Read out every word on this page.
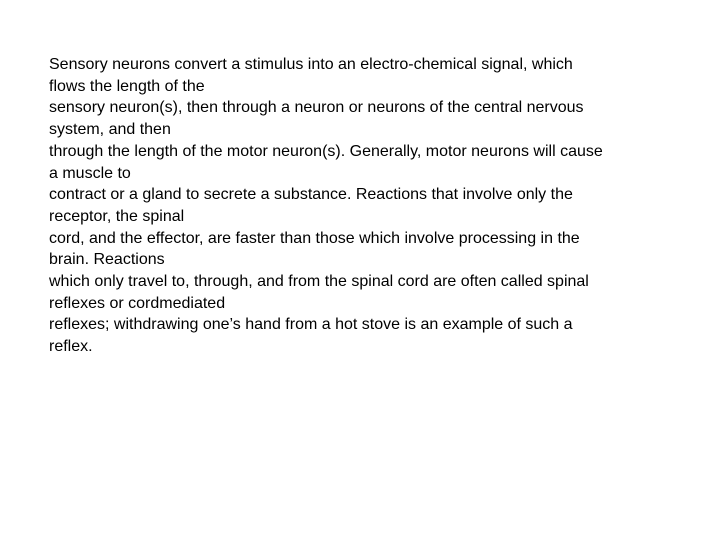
Sensory neurons convert a stimulus into an electro-chemical signal, which
flows the length of the
sensory neuron(s), then through a neuron or neurons of the central nervous
system, and then
through the length of the motor neuron(s). Generally, motor neurons will cause
a muscle to
contract or a gland to secrete a substance. Reactions that involve only the
receptor, the spinal
cord, and the effector, are faster than those which involve processing in the
brain. Reactions
which only travel to, through, and from the spinal cord are often called spinal
reflexes or cordmediated
reflexes; withdrawing one’s hand from a hot stove is an example of such a
reflex.
